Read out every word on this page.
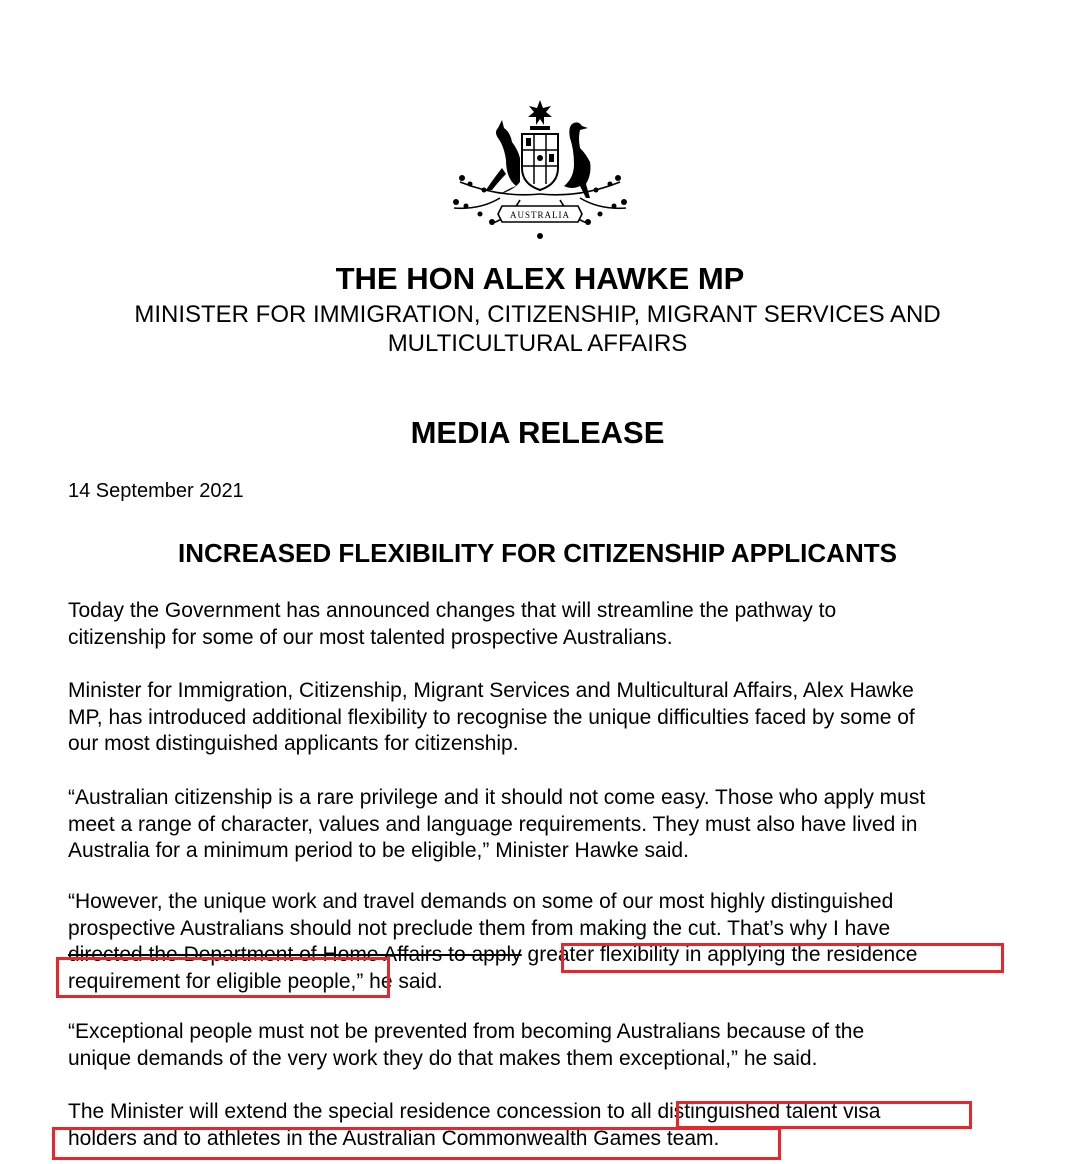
AUSTRALIA
THE HON ALEX HAWKE MP
MINISTER FOR IMMIGRATION, CITIZENSHIP, MIGRANT SERVICES AND
MULTICULTURAL AFFAIRS
MEDIA RELEASE
14 September 2021
INCREASED FLEXIBILITY FOR CITIZENSHIP APPLICANTS

Today the Government has announced changes that will streamline the pathway to
citizenship for some of our most talented prospective Australians.

Minister for Immigration, Citizenship, Migrant Services and Multicultural Affairs, Alex Hawke
MP, has introduced additional flexibility to recognise the unique difficulties faced by some of
our most distinguished applicants for citizenship.

“Australian citizenship is a rare privilege and it should not come easy. Those who apply must
meet a range of character, values and language requirements. They must also have lived in
Australia for a minimum period to be eligible,” Minister Hawke said.

“However, the unique work and travel demands on some of our most highly distinguished
prospective Australians should not preclude them from making the cut. That’s why I have
directed the Department of Home Affairs to apply greater flexibility in applying the residence
requirement for eligible people,” he said.

“Exceptional people must not be prevented from becoming Australians because of the
unique demands of the very work they do that makes them exceptional,” he said.

The Minister will extend the special residence concession to all distinguished talent visa
holders and to athletes in the Australian Commonwealth Games team.
